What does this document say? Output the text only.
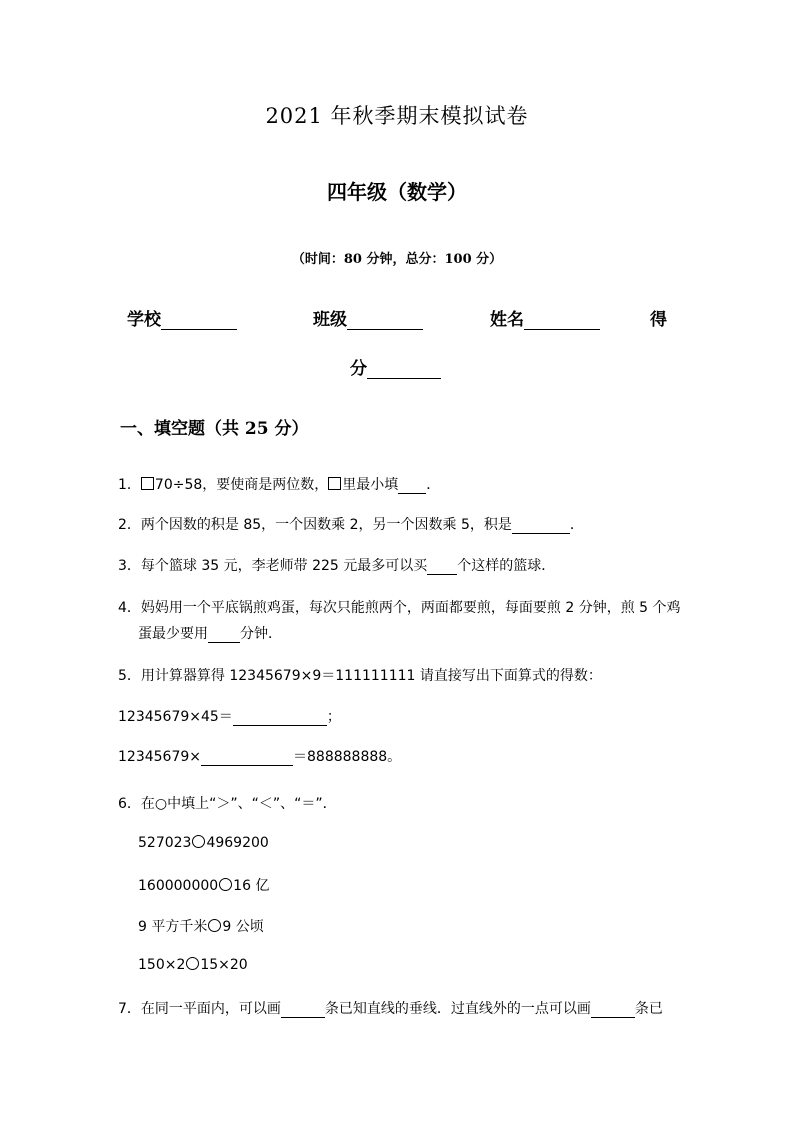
2021 年秋季期末模拟试卷
四年级（数学）
（时间：80 分钟，总分：100 分）
学校	班级	姓名	得
分
一、填空题（共 25 分）
1． 70÷58，要使商是两位数， 里最小填 ．
2．两个因数的积是 85，一个因数乘 2，另一个因数乘 5，积是	．
3．每个篮球 35 元，李老师带 225 元最多可以买 个这样的篮球．
4．妈妈用一个平底锅煎鸡蛋，每次只能煎两个，两面都要煎，每面要煎 2 分钟，煎 5 个鸡
蛋最少要用 分钟．
5．用计算器算得 12345679×9＝111111111 请直接写出下面算式的得数：
12345679×45＝	；
12345679×	＝888888888。
6．在○中填上“＞”、“＜”、“＝”．
527023 4969200
160000000 16 亿
9 平方千米 9 公顷
150×2 15×20
7．在同一平面内，可以画	条已知直线的垂线．过直线外的一点可以画	条已
